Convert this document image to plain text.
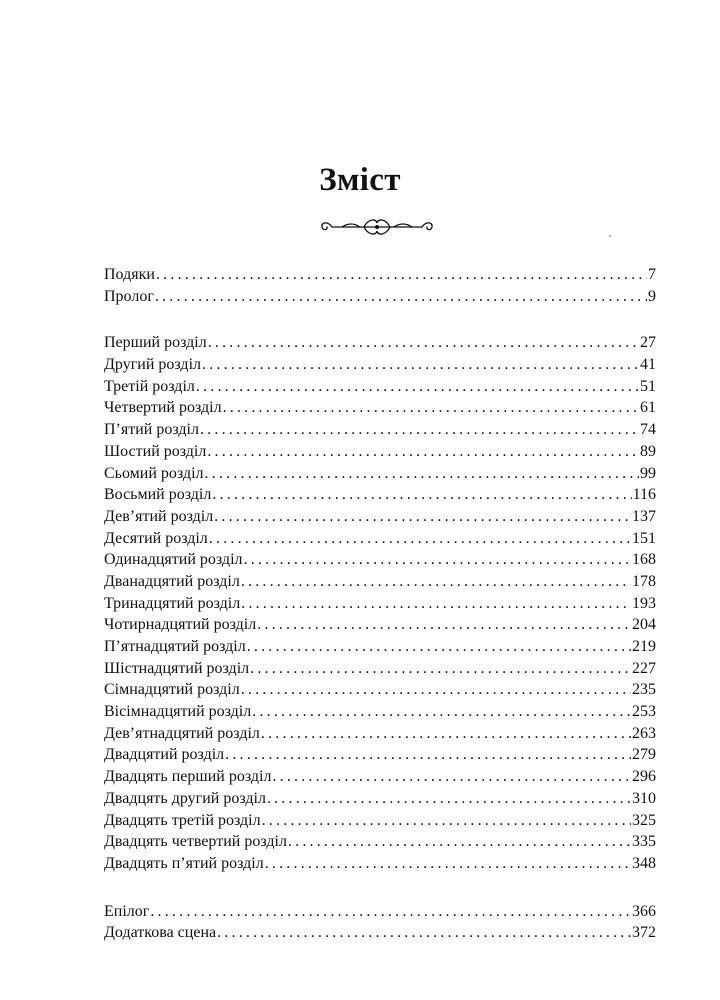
Зміст
Подяки .....	7
Пролог .....	9
Перший розділ .....	27
Другий розділ .....	41
Третій розділ .....	51
Четвертий розділ .....	61
П’ятий розділ .....	74
Шостий розділ .....	89
Сьомий розділ .....	99
Восьмий розділ .....	116
Дев’ятий розділ .....	137
Десятий розділ .....	151
Одинадцятий розділ .....	168
Дванадцятий розділ .....	178
Тринадцятий розділ .....	193
Чотирнадцятий розділ .....	204
П’ятнадцятий розділ .....	219
Шістнадцятий розділ .....	227
Сімнадцятий розділ .....	235
Вісімнадцятий розділ .....	253
Дев’ятнадцятий розділ .....	263
Двадцятий розділ .....	279
Двадцять перший розділ .....	296
Двадцять другий розділ .....	310
Двадцять третій розділ .....	325
Двадцять четвертий розділ .....	335
Двадцять п’ятий розділ .....	348
Епілог .....	366
Додаткова сцена .....	372
